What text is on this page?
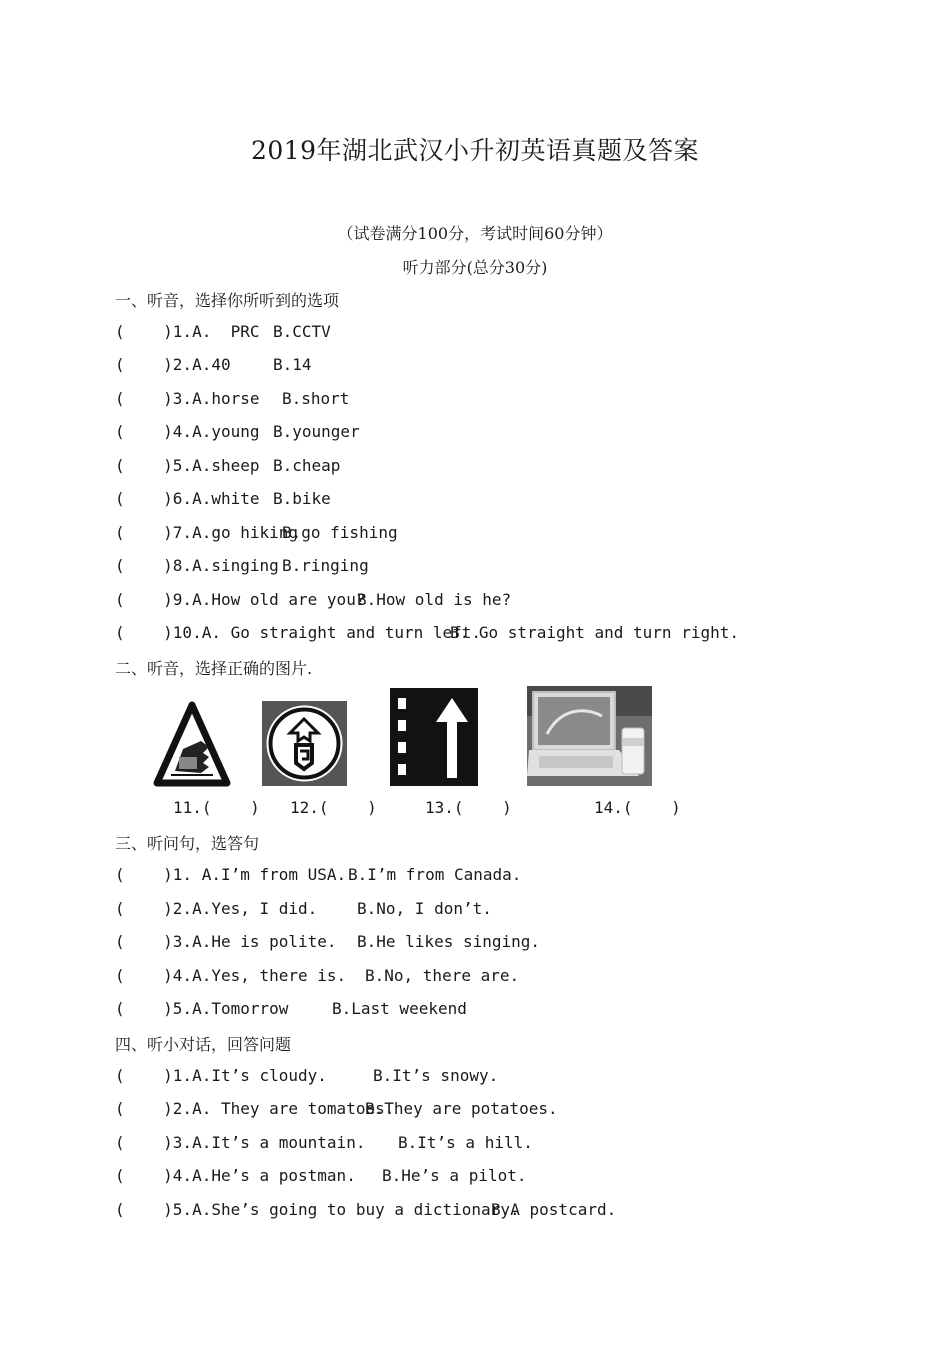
2019年湖北武汉小升初英语真题及答案
（试卷满分100分，考试时间60分钟）
听力部分(总分30分)
一、听音，选择你所听到的选项
(    )1.A.  PRC B.CCTV
(    )2.A.40	B.14
(    )3.A.horse B.short
(    )4.A.young B.younger
(    )5.A.sheep B.cheap
(    )6.A.white B.bike
(    )7.A.go hiking
B.go fishing
(    )8.A.singing B.ringing
(    )9.A.How old are you?
B.How old is he?
(    )10.A. Go straight and turn left.
B. Go straight and turn right.
二、听音，选择正确的图片.
11.(    ) 12.(    )	13.(    )	14.(    )
三、听问句，选答句
(    )1. A.I’m from USA. B.I’m from Canada.
(    )2.A.Yes, I did. B.No, I don’t.
(    )3.A.He is polite. B.He likes singing.
(    )4.A.Yes, there is. B.No, there are.
(    )5.A.Tomorrow	B.Last weekend
四、听小对话，回答问题
(    )1.A.It’s cloudy.	B.It’s snowy.
(    )2.A. They are tomatoes.
B.They are potatoes.
(    )3.A.It’s a mountain. B.It’s a hill.
(    )4.A.He’s a postman. B.He’s a pilot.
(    )5.A.She’s going to buy a dictionary.
B.A postcard.
